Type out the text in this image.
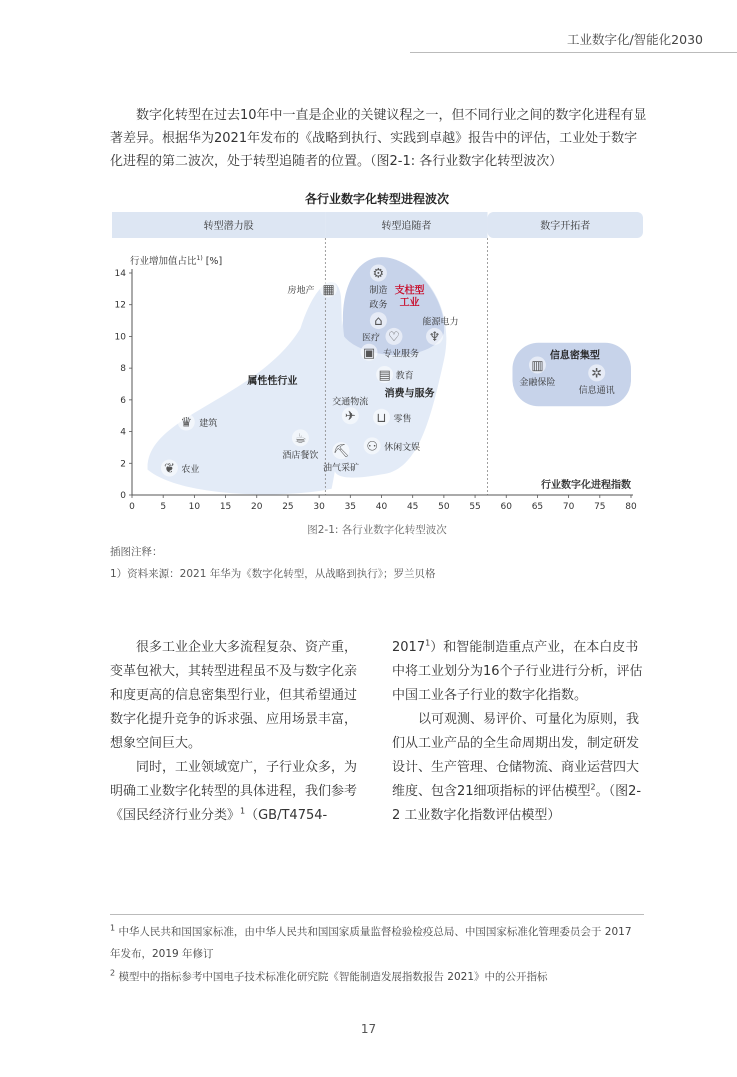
工业数字化/智能化2030

数字化转型在过去10年中一直是企业的关键议程之一，但不同行业之间的数字化进程有显著差异。根据华为2021年发布的《战略到执行、实践到卓越》报告中的评估，工业处于数字化进程的第二波次，处于转型追随者的位置。（图2-1: 各行业数字化转型波次）

各行业数字化转型进程波次
转型潜力股	转型追随者	数字开拓者
0	5	10 15 20 25 30 35 40 45 50 55 60 65 70 75 80
0
2
4
6
8
10
12
14
行业增加值占比$^{1)}$ [%]
行业数字化进程指数
属性性行业
消费与服务
信息密集型
支柱型
工业
▦
房地产
⚙
制造
⌂
政务
♆
能源电力
▣ 专业服务
♡
医疗
▤ 教育
✈
交通物流
⊔ 零售
♛ 建筑
☕
酒店餐饮 ⛏
油气采矿
⚇ 休闲文娱
❦ 农业
▥
金融保险
✲
信息通讯
图2-1: 各行业数字化转型波次
插图注释：
1）资料来源：2021 年华为《数字化转型，从战略到执行》；罗兰贝格

很多工业企业大多流程复杂、资产重，变革包袱大，其转型进程虽不及与数字化亲和度更高的信息密集型行业，但其希望通过数字化提升竞争的诉求强、应用场景丰富，想象空间巨大。

同时，工业领域宽广，子行业众多，为明确工业数字化转型的具体进程，我们参考《国民经济行业分类》$^1$（GB/T4754-

2017$^1$）和智能制造重点产业，在本白皮书中将工业划分为16个子行业进行分析，评估中国工业各子行业的数字化指数。

以可观测、易评价、可量化为原则，我们从工业产品的全生命周期出发，制定研发设计、生产管理、仓储物流、商业运营四大维度、包含21细项指标的评估模型$^2$。（图2-2 工业数字化指数评估模型）

$^1$ 中华人民共和国国家标准，由中华人民共和国国家质量监督检验检疫总局、中国国家标准化管理委员会于 2017 年发布，2019 年修订
$^2$ 模型中的指标参考中国电子技术标准化研究院《智能制造发展指数报告 2021》中的公开指标
17
